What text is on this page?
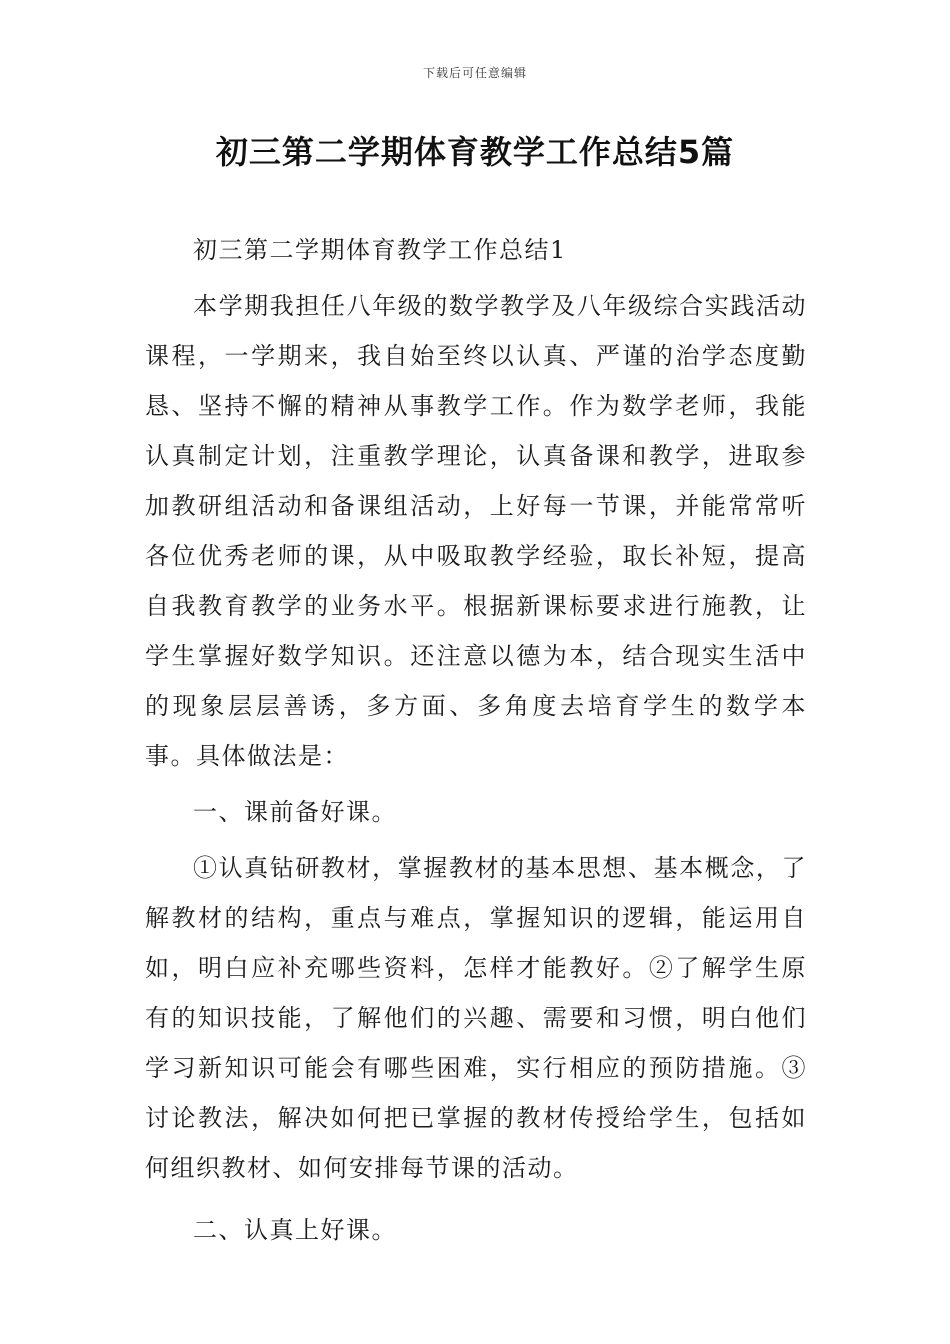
下载后可任意编辑
初三第二学期体育教学工作总结5篇

初三第二学期体育教学工作总结1

本学期我担任八年级的数学教学及八年级综合实践活动课程，一学期来，我自始至终以认真、严谨的治学态度勤恳、坚持不懈的精神从事教学工作。作为数学老师，我能认真制定计划，注重教学理论，认真备课和教学，进取参加教研组活动和备课组活动，上好每一节课，并能常常听各位优秀老师的课，从中吸取教学经验，取长补短，提高自我教育教学的业务水平。根据新课标要求进行施教，让学生掌握好数学知识。还注意以德为本，结合现实生活中的现象层层善诱，多方面、多角度去培育学生的数学本事。具体做法是：

一、课前备好课。

①认真钻研教材，掌握教材的基本思想、基本概念，了解教材的结构，重点与难点，掌握知识的逻辑，能运用自如，明白应补充哪些资料，怎样才能教好。②了解学生原有的知识技能，了解他们的兴趣、需要和习惯，明白他们学习新知识可能会有哪些困难，实行相应的预防措施。③讨论教法，解决如何把已掌握的教材传授给学生，包括如何组织教材、如何安排每节课的活动。

二、认真上好课。
